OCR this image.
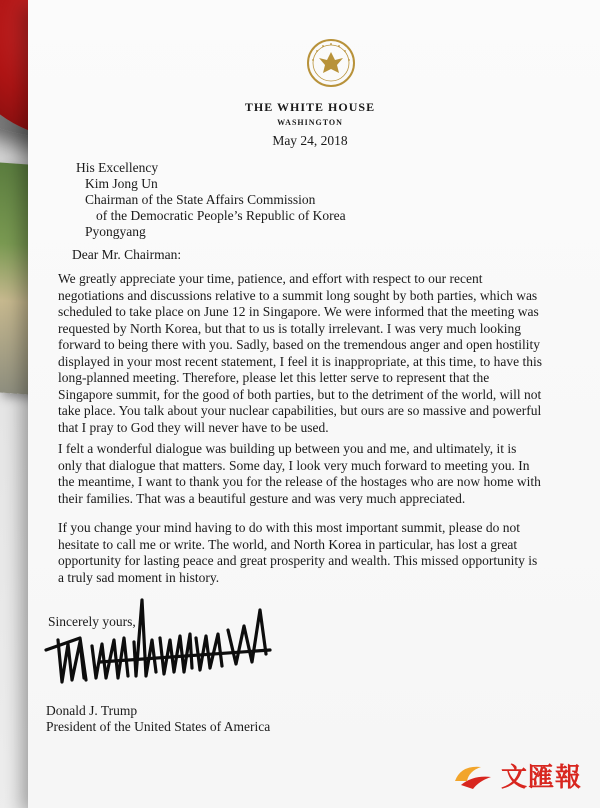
THE WHITE HOUSE
WASHINGTON
May 24, 2018
His Excellency
Kim Jong Un
Chairman of the State Affairs Commission
of the Democratic People’s Republic of Korea
Pyongyang
Dear Mr. Chairman:
We greatly appreciate your time, patience, and effort with respect to our recent
negotiations and discussions relative to a summit long sought by both parties, which was
scheduled to take place on June 12 in Singapore. We were informed that the meeting was
requested by North Korea, but that to us is totally irrelevant. I was very much looking
forward to being there with you. Sadly, based on the tremendous anger and open hostility
displayed in your most recent statement, I feel it is inappropriate, at this time, to have this
long-planned meeting. Therefore, please let this letter serve to represent that the
Singapore summit, for the good of both parties, but to the detriment of the world, will not
take place. You talk about your nuclear capabilities, but ours are so massive and powerful
that I pray to God they will never have to be used.
I felt a wonderful dialogue was building up between you and me, and ultimately, it is
only that dialogue that matters. Some day, I look very much forward to meeting you. In
the meantime, I want to thank you for the release of the hostages who are now home with
their families. That was a beautiful gesture and was very much appreciated.
If you change your mind having to do with this most important summit, please do not
hesitate to call me or write. The world, and North Korea in particular, has lost a great
opportunity for lasting peace and great prosperity and wealth. This missed opportunity is
a truly sad moment in history.
Sincerely yours,
Donald J. Trump
President of the United States of America
文匯報
